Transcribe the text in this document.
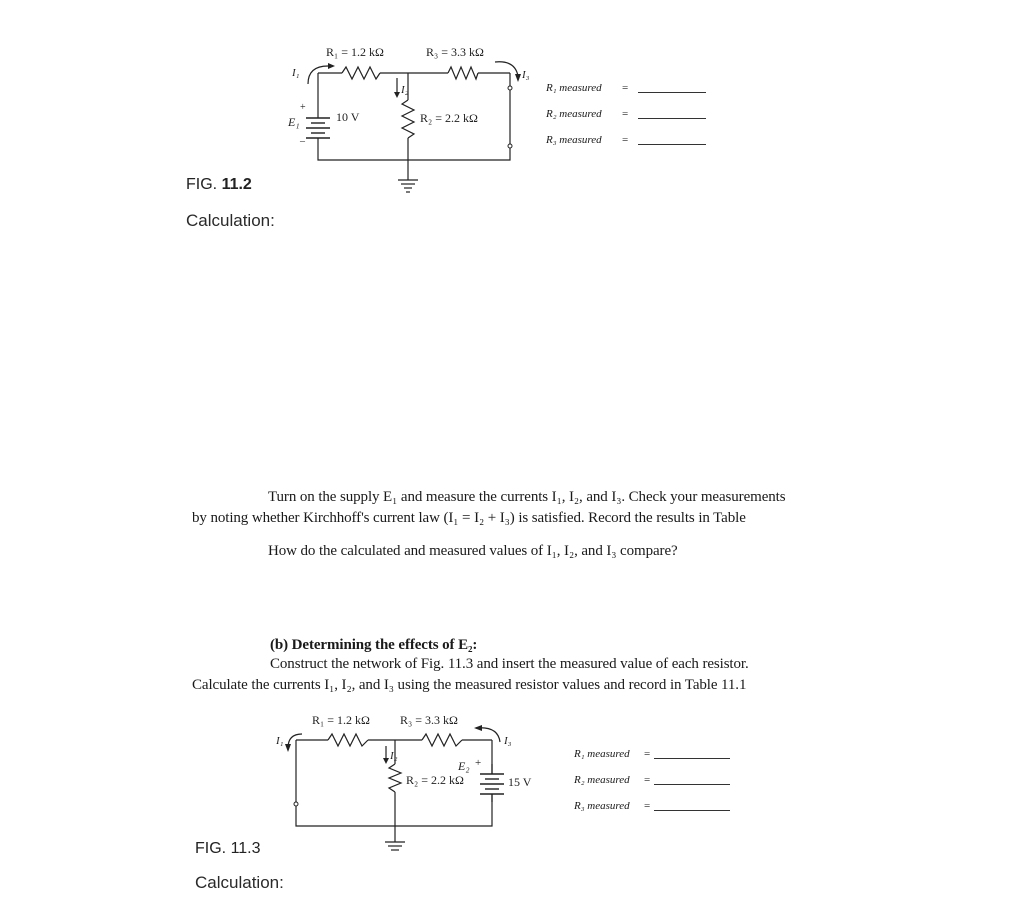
R₁ = 1.2 kΩ	R₃ = 3.3 kΩ
R₂ = 2.2 kΩ
E₁	10 V
+
–
I₁
I₂
I₃
R₁ measured =
R₂ measured =
R₃ measured =
FIG. 11.2
Calculation:
Turn on the supply E₁ and measure the currents I₁, I₂, and I₃. Check your measurements
by noting whether Kirchhoff's current law (I₁ = I₂ + I₃) is satisfied. Record the results in Table
How do the calculated and measured values of I₁, I₂, and I₃ compare?
(b) Determining the effects of E₂:
Construct the network of Fig. 11.3 and insert the measured value of each resistor.
Calculate the currents I₁, I₂, and I₃ using the measured resistor values and record in Table 11.1
R₁ = 1.2 kΩ	R₃ = 3.3 kΩ
R₂ = 2.2 kΩ
E₂ +
15 V
I₁
I₂
I₃
R₁ measured =
R₂ measured =
R₃ measured =
FIG. 11.3
Calculation:
